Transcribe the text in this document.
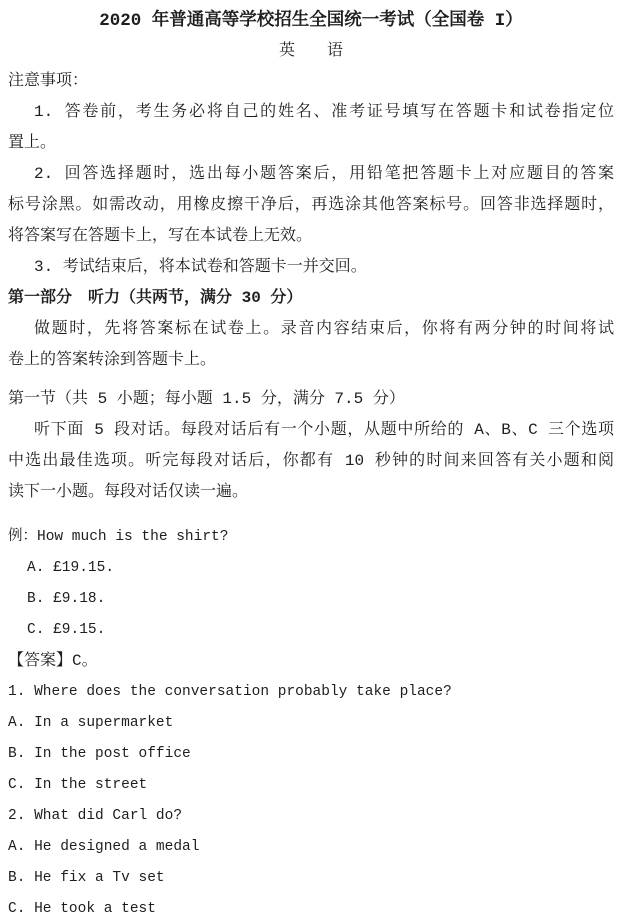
2020 年普通高等学校招生全国统一考试（全国卷 I）
英　　语
注意事项：
1. 答卷前，考生务必将自己的姓名、准考证号填写在答题卡和试卷指定位
置上。
2. 回答选择题时，选出每小题答案后，用铅笔把答题卡上对应题目的答案
标号涂黑。如需改动，用橡皮擦干净后，再选涂其他答案标号。回答非选择题时，
将答案写在答题卡上，写在本试卷上无效。
3. 考试结束后，将本试卷和答题卡一并交回。
第一部分　听力（共两节，满分 30 分）
做题时，先将答案标在试卷上。录音内容结束后，你将有两分钟的时间将试
卷上的答案转涂到答题卡上。
第一节（共 5 小题；每小题 1.5 分，满分 7.5 分）
听下面 5 段对话。每段对话后有一个小题，从题中所给的 A、B、C 三个选项
中选出最佳选项。听完每段对话后，你都有 10 秒钟的时间来回答有关小题和阅
读下一小题。每段对话仅读一遍。
例：How much is the shirt?
A. £19.15.
B. £9.18.
C. £9.15.
【答案】C。
1. Where does the conversation probably take place?
A. In a supermarket
B. In the post office
C. In the street
2. What did Carl do?
A. He designed a medal
B. He fix a Tv set
C. He took a test
